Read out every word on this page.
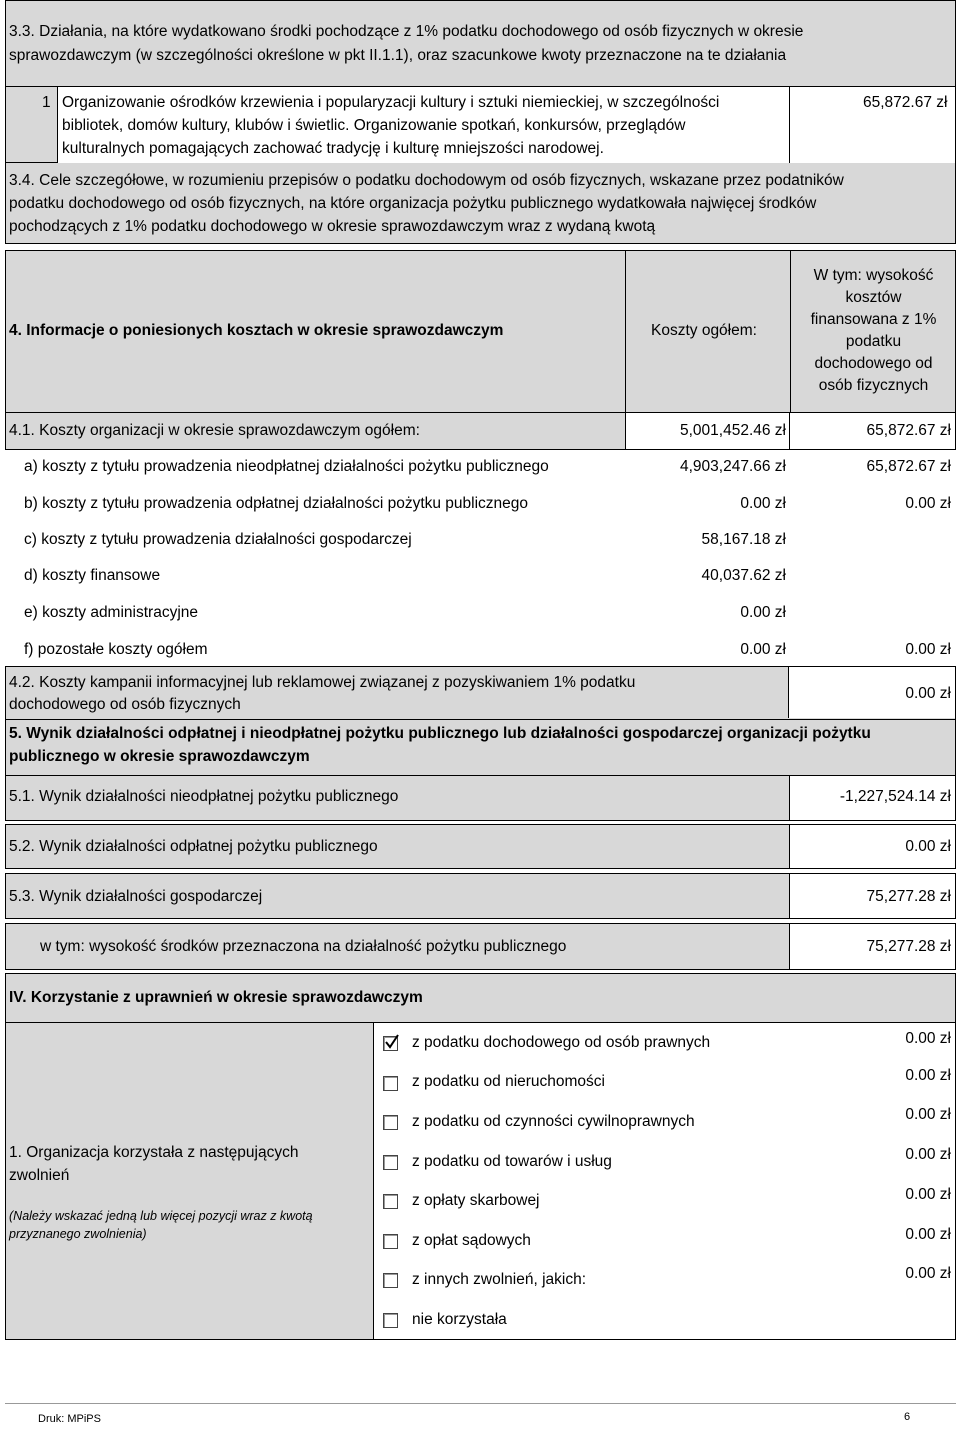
3.3. Działania, na które wydatkowano środki pochodzące z 1% podatku dochodowego od osób fizycznych w okresie
sprawozdawczym (w szczególności określone w pkt II.1.1), oraz szacunkowe kwoty przeznaczone na te działania
1 Organizowanie ośrodków krzewienia i popularyzacji kultury i sztuki niemieckiej, w szczególności
bibliotek, domów kultury, klubów i świetlic. Organizowanie spotkań, konkursów, przeglądów
kulturalnych pomagających zachować tradycję i kulturę mniejszości narodowej.
65,872.67 zł
3.4. Cele szczegółowe, w rozumieniu przepisów o podatku dochodowym od osób fizycznych, wskazane przez podatników
podatku dochodowego od osób fizycznych, na które organizacja pożytku publicznego wydatkowała najwięcej środków
pochodzących z 1% podatku dochodowego w okresie sprawozdawczym wraz z wydaną kwotą
4. Informacje o poniesionych kosztach w okresie sprawozdawczym	Koszty ogółem:
W tym: wysokość
kosztów
finansowana z 1%
podatku
dochodowego od
osób fizycznych
4.1. Koszty organizacji w okresie sprawozdawczym ogółem:	5,001,452.46 zł	65,872.67 zł
a) koszty z tytułu prowadzenia nieodpłatnej działalności pożytku publicznego	4,903,247.66 zł	65,872.67 zł
b) koszty z tytułu prowadzenia odpłatnej działalności pożytku publicznego	0.00 zł	0.00 zł
c) koszty z tytułu prowadzenia działalności gospodarczej	58,167.18 zł
d) koszty finansowe	40,037.62 zł
e) koszty administracyjne	0.00 zł
f) pozostałe koszty ogółem	0.00 zł	0.00 zł
4.2. Koszty kampanii informacyjnej lub reklamowej związanej z pozyskiwaniem 1% podatku
dochodowego od osób fizycznych
0.00 zł
5. Wynik działalności odpłatnej i nieodpłatnej pożytku publicznego lub działalności gospodarczej organizacji pożytku
publicznego w okresie sprawozdawczym
5.1. Wynik działalności nieodpłatnej pożytku publicznego	-1,227,524.14 zł
5.2. Wynik działalności odpłatnej pożytku publicznego	0.00 zł
5.3. Wynik działalności gospodarczej	75,277.28 zł
w tym: wysokość środków przeznaczona na działalność pożytku publicznego	75,277.28 zł
IV. Korzystanie z uprawnień w okresie sprawozdawczym
1. Organizacja korzystała z następujących
zwolnień
(Należy wskazać jedną lub więcej pozycji wraz z kwotą
przyznanego zwolnienia)
z podatku dochodowego od osób prawnych	0.00 zł
z podatku od nieruchomości	0.00 zł
z podatku od czynności cywilnoprawnych	0.00 zł
z podatku od towarów i usług	0.00 zł
z opłaty skarbowej	0.00 zł
z opłat sądowych	0.00 zł
z innych zwolnień, jakich:	0.00 zł
nie korzystała
Druk: MPiPS	6
